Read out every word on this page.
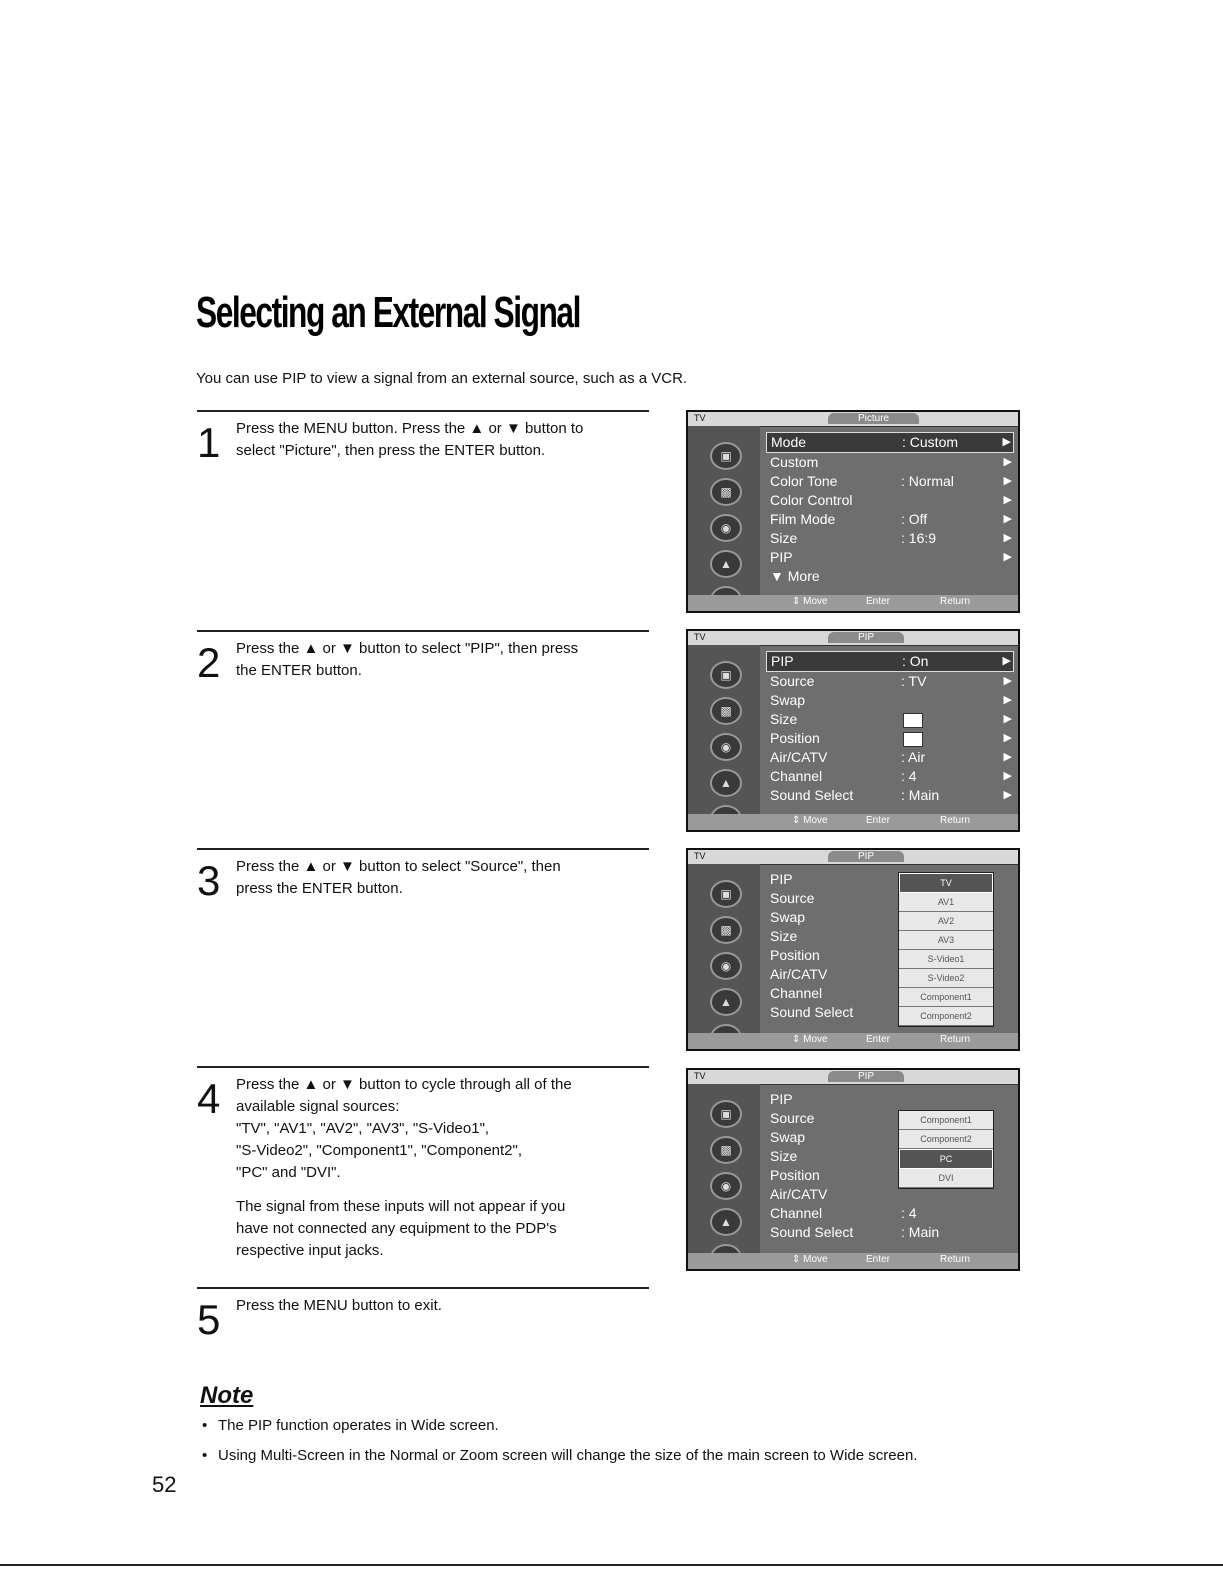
Selecting an External Signal
You can use PIP to view a signal from an external source, such as a VCR.
1 Press the MENU button. Press the ▲ or ▼ button to
select "Picture", then press the ENTER button.
2 Press the ▲ or ▼ button to select "PIP", then press
the ENTER button.
3 Press the ▲ or ▼ button to select "Source", then
press the ENTER button.
4 Press the ▲ or ▼ button to cycle through all of the
available signal sources:
"TV", "AV1", "AV2", "AV3", "S-Video1",
"S-Video2", "Component1", "Component2",
"PC" and "DVI".

The signal from these inputs will not appear if you
have not connected any equipment to the PDP's
respective input jacks.

5 Press the MENU button to exit.
TV	Picture
▣
▩
◉
▲
Mode	: Custom	▶
Custom	▶
Color Tone	: Normal	▶
Color Control	▶
Film Mode	: Off	▶
Size	: 16:9	▶
PIP	▶
▼ More
⇕ Move	Enter	Return
TV	PIP
▣
▩
◉
▲
PIP	: On	▶
Source	: TV	▶
Swap	▶
Size	▶
Position	▶
Air/CATV	: Air	▶
Channel	: 4	▶
Sound Select	: Main	▶
⇕ Move	Enter	Return
TV	PIP
▣
▩
◉
▲
PIP
Source
Swap
Size
Position
Air/CATV
Channel
Sound Select
TV
AV1
AV2
AV3
S-Video1
S-Video2
Component1
Component2
⇕ Move	Enter	Return
TV	PIP
▣
▩
◉
▲
PIP
Source
Swap
Size
Position
Air/CATV
Channel	: 4
Sound Select	: Main
Component1
Component2
PC
DVI
⇕ Move	Enter	Return
Note
• The PIP function operates in Wide screen.
• Using Multi-Screen in the Normal or Zoom screen will change the size of the main screen to Wide screen.
52
